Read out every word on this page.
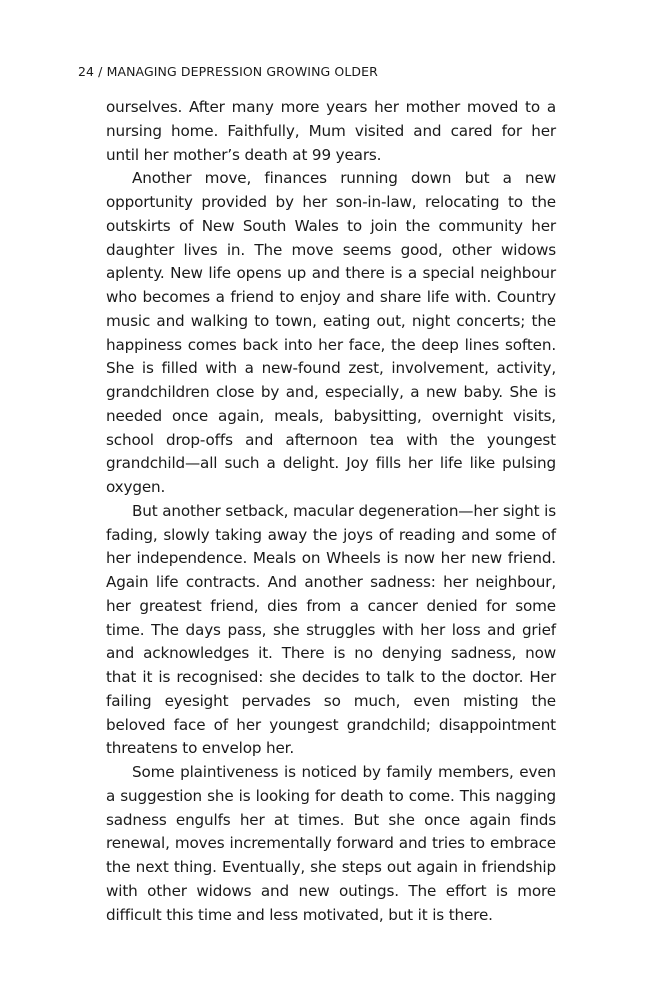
24 / MANAGING DEPRESSION GROWING OLDER

ourselves. After many more years her mother moved to a nursing home. Faithfully, Mum visited and cared for her until her mother’s death at 99 years.

Another move, finances running down but a new opportunity provided by her son-in-law, relocating to the outskirts of New South Wales to join the community her daughter lives in. The move seems good, other widows aplenty. New life opens up and there is a special neighbour who becomes a friend to enjoy and share life with. Country music and walking to town, eating out, night concerts; the happiness comes back into her face, the deep lines soften. She is filled with a new-found zest, involvement, activity, grandchildren close by and, especially, a new baby. She is needed once again, meals, babysitting, overnight visits, school drop-offs and afternoon tea with the youngest grandchild—all such a delight. Joy fills her life like pulsing oxygen.

But another setback, macular degeneration—her sight is fading, slowly taking away the joys of reading and some of her independence. Meals on Wheels is now her new friend. Again life contracts. And another sadness: her neighbour, her greatest friend, dies from a cancer denied for some time. The days pass, she struggles with her loss and grief and acknowledges it. There is no denying sadness, now that it is recognised: she decides to talk to the doctor. Her failing eyesight pervades so much, even misting the beloved face of her youngest grandchild; disappointment threatens to envelop her.

Some plaintiveness is noticed by family members, even a suggestion she is looking for death to come. This nagging sadness engulfs her at times. But she once again finds renewal, moves incrementally forward and tries to embrace the next thing. Eventually, she steps out again in friendship with other widows and new outings. The effort is more difficult this time and less motivated, but it is there.
